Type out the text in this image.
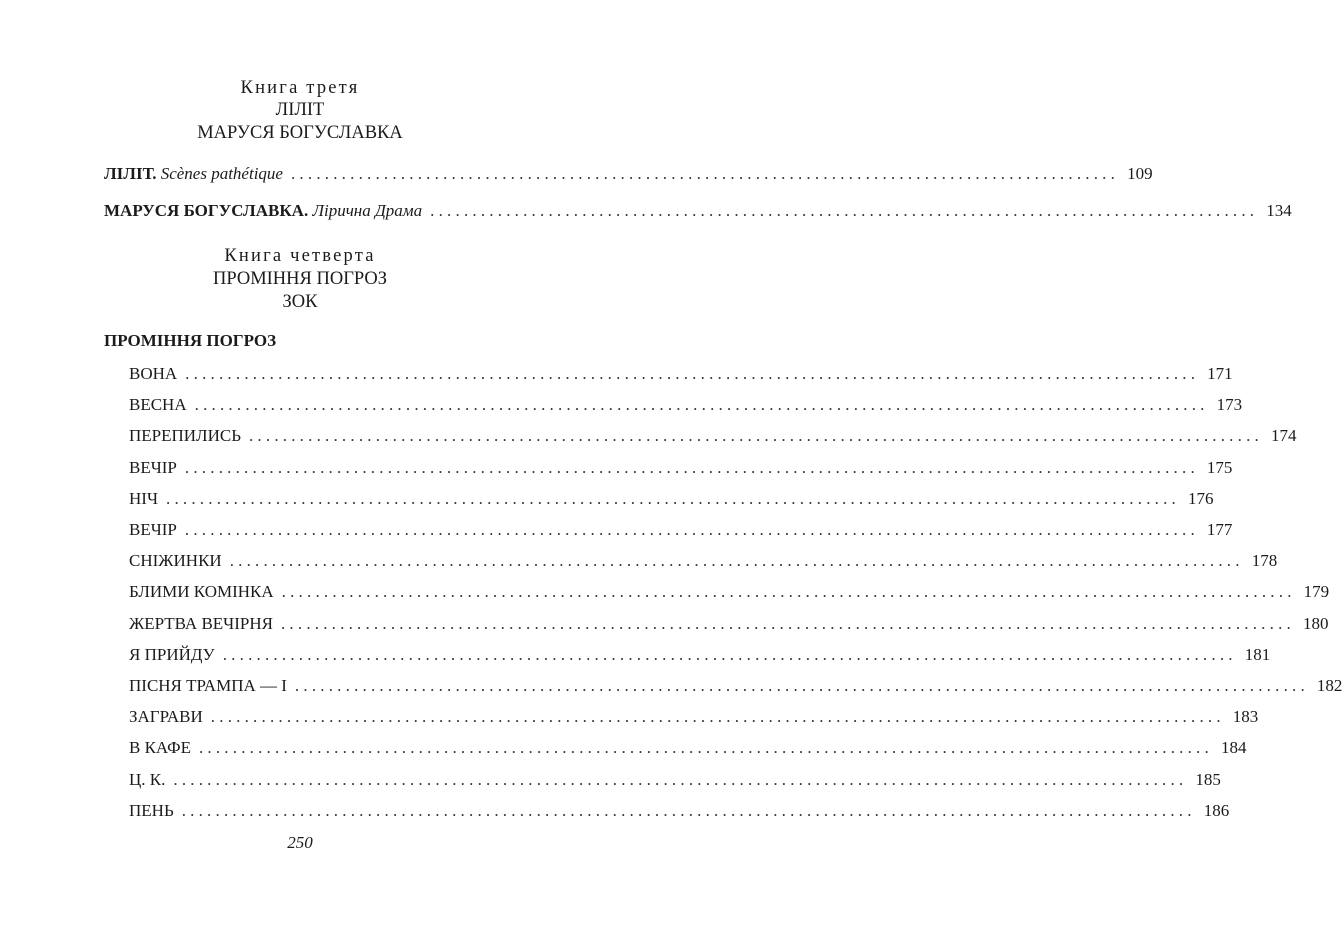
Книга третя
ЛІЛІТ
МАРУСЯ БОГУСЛАВКА
ЛІЛІТ. Scènes pathétique .................................................................................................. 109
МАРУСЯ БОГУСЛАВКА. Лірична Драма .................................................................................................. 134
Книга четверта
ПРОМІННЯ ПОГРОЗ
ЗОК
ПРОМІННЯ ПОГРОЗ
ВОНА ........................................................................................................................ 171
ВЕСНА ........................................................................................................................ 173
ПЕРЕПИЛИСЬ ........................................................................................................................ 174
ВЕЧІР ........................................................................................................................ 175
НІЧ ........................................................................................................................ 176
ВЕЧІР ........................................................................................................................ 177
СНІЖИНКИ ........................................................................................................................ 178
БЛИМИ КОМІНКА ........................................................................................................................ 179
ЖЕРТВА ВЕЧІРНЯ ........................................................................................................................ 180
Я ПРИЙДУ ........................................................................................................................ 181
ПІСНЯ ТРАМПА — І ........................................................................................................................ 182
ЗАГРАВИ ........................................................................................................................ 183
В КАФЕ ........................................................................................................................ 184
Ц. К. ........................................................................................................................ 185
ПЕНЬ ........................................................................................................................ 186
250
